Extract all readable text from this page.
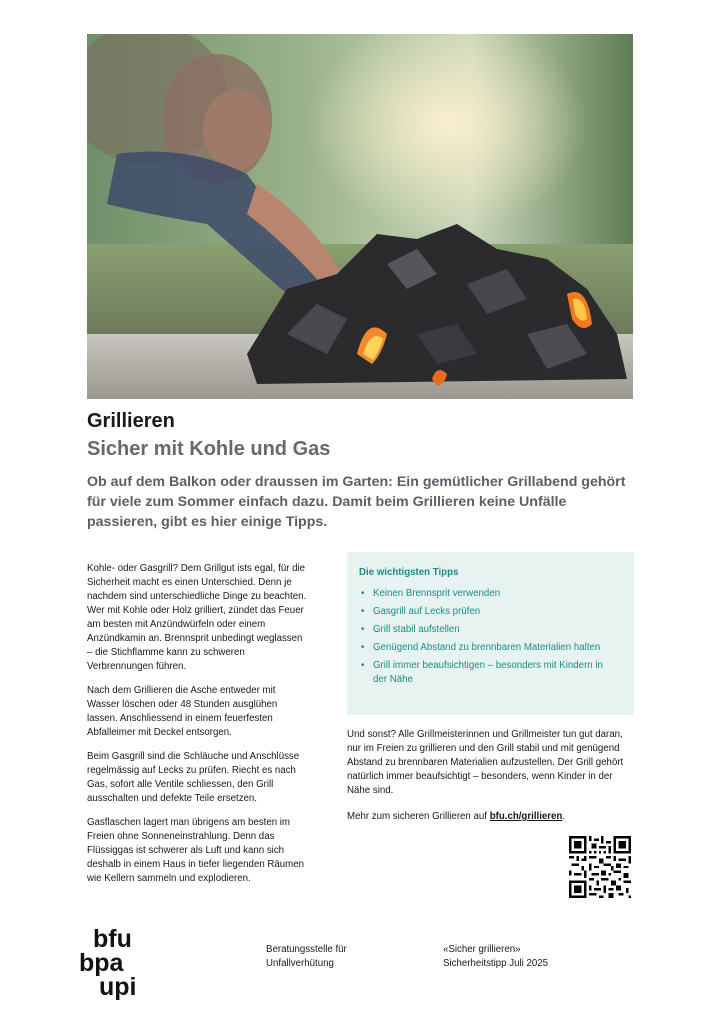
Grillieren
Sicher mit Kohle und Gas

Ob auf dem Balkon oder draussen im Garten: Ein gemütlicher Grillabend gehört für viele zum Sommer einfach dazu. Damit beim Grillieren keine Unfälle passieren, gibt es hier einige Tipps.

Kohle- oder Gasgrill? Dem Grillgut ists egal, für die Sicherheit macht es einen Unterschied. Denn je nachdem sind unterschiedliche Dinge zu beachten. Wer mit Kohle oder Holz grilliert, zündet das Feuer am besten mit Anzündwürfeln oder einem Anzündkamin an. Brennsprit unbedingt weglassen – die Stichflamme kann zu schweren Verbrennungen führen.

Nach dem Grillieren die Asche entweder mit Wasser löschen oder 48 Stunden ausglühen lassen. Anschliessend in einem feuerfesten Abfalleimer mit Deckel entsorgen.

Beim Gasgrill sind die Schläuche und Anschlüsse regelmässig auf Lecks zu prüfen. Riecht es nach Gas, sofort alle Ventile schliessen, den Grill ausschalten und defekte Teile ersetzen.

Gasflaschen lagert man übrigens am besten im Freien ohne Sonneneinstrahlung. Denn das Flüssiggas ist schwerer als Luft und kann sich deshalb in einem Haus in tiefer liegenden Räumen wie Kellern sammeln und explodieren.

Die wichtigsten Tipps
• Keinen Brennsprit verwenden
• Gasgrill auf Lecks prüfen
• Grill stabil aufstellen
• Genügend Abstand zu brennbaren Materialien halten
• Grill immer beaufsichtigen – besonders mit Kindern in der Nähe

Und sonst? Alle Grillmeisterinnen und Grillmeister tun gut daran, nur im Freien zu grillieren und den Grill stabil und mit genügend Abstand zu brennbaren Materialien aufzustellen. Der Grill gehört natürlich immer beaufsichtigt – besonders, wenn Kinder in der Nähe sind.

Mehr zum sicheren Grillieren auf bfu.ch/grillieren.

bfu
bpa
upi
Beratungsstelle für
Unfallverhütung
«Sicher grillieren»
Sicherheitstipp Juli 2025
